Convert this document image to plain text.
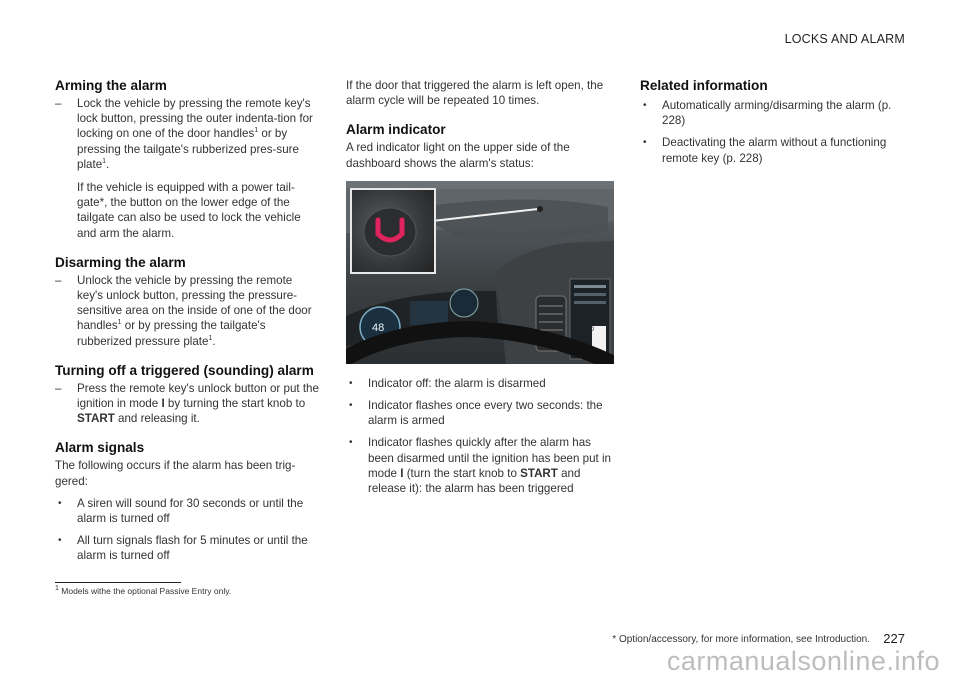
LOCKS AND ALARM
Arming the alarm
– Lock the vehicle by pressing the remote key's lock button, pressing the outer indenta-tion for locking on one of the door handles$^1$ or by pressing the tailgate's rubberized pres-sure plate$^1$.

If the vehicle is equipped with a power tail-gate*, the button on the lower edge of the tailgate can also be used to lock the vehicle and arm the alarm.

Disarming the alarm
– Unlock the vehicle by pressing the remote key's unlock button, pressing the pressure-sensitive area on the inside of one of the door handles$^1$ or by pressing the tailgate's rubberized pressure plate$^1$.
Turning off a triggered (sounding) alarm
– Press the remote key's unlock button or put the ignition in mode I by turning the start knob to START and releasing it.
Alarm signals

The following occurs if the alarm has been trig-gered:

• A siren will sound for 30 seconds or until the alarm is turned off
• All turn signals flash for 5 minutes or until the alarm is turned off

If the door that triggered the alarm is left open, the alarm cycle will be repeated 10 times.

Alarm indicator

A red indicator light on the upper side of the dashboard shows the alarm's status:

48	G062280
• Indicator off: the alarm is disarmed
• Indicator flashes once every two seconds: the alarm is armed
• Indicator flashes quickly after the alarm has been disarmed until the ignition has been put in mode I (turn the start knob to START and release it): the alarm has been triggered
Related information
• Automatically arming/disarming the alarm (p. 228)
• Deactivating the alarm without a functioning remote key (p. 228)
$^1$ Models withe the optional Passive Entry only.
* Option/accessory, for more information, see Introduction. 227
carmanualsonline.info
